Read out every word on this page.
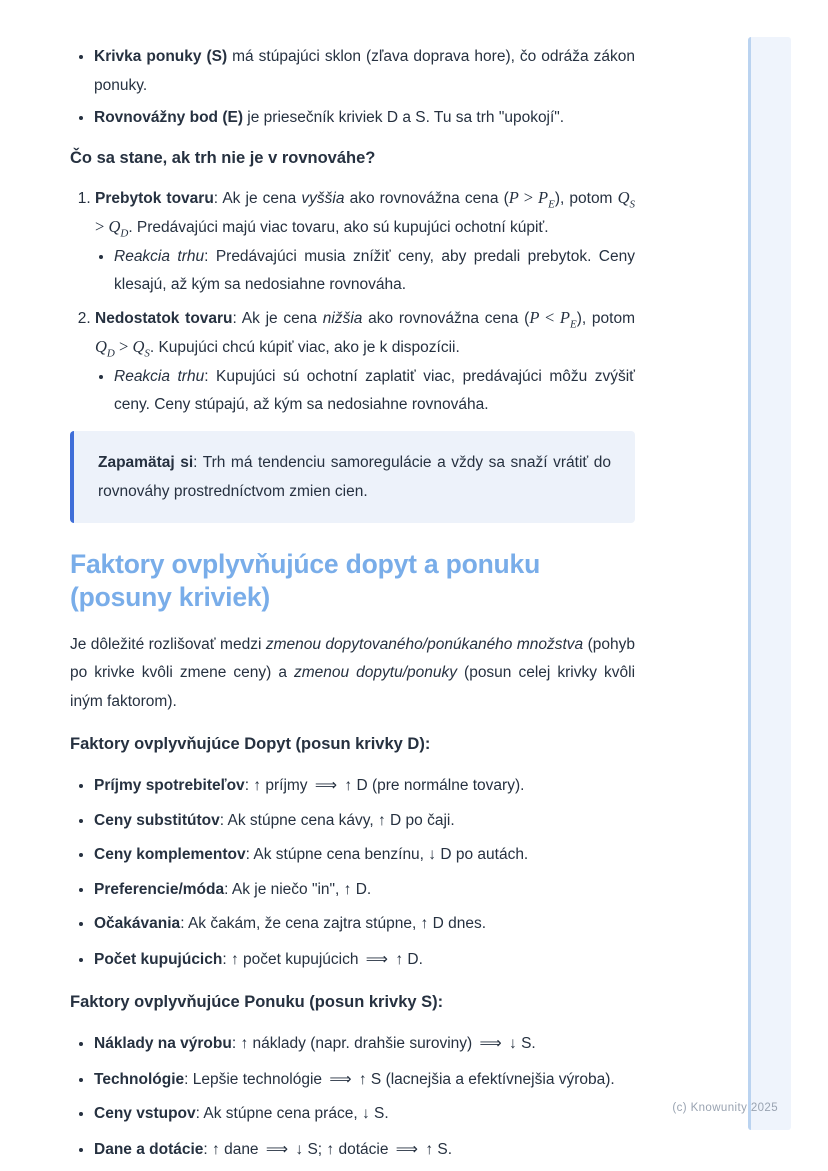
(c) Knowunity 2025
• Krivka ponuky (S) má stúpajúci sklon (zľava doprava hore), čo odráža zákon ponuky.
• Rovnovážny bod (E) je priesečník kriviek D a S. Tu sa trh "upokojí".
Čo sa stane, ak trh nie je v rovnováhe?
1. Prebytok tovaru: Ak je cena vyššia ako rovnovážna cena $(P > P_E)$, potom $Q_S > Q_D$. Predávajúci majú viac tovaru, ako sú kupujúci ochotní kúpiť.
• Reakcia trhu: Predávajúci musia znížiť ceny, aby predali prebytok. Ceny klesajú, až kým sa nedosiahne rovnováha.
2. Nedostatok tovaru: Ak je cena nižšia ako rovnovážna cena $(P < P_E)$, potom $Q_D > Q_S$. Kupujúci chcú kúpiť viac, ako je k dispozícii.
• Reakcia trhu: Kupujúci sú ochotní zaplatiť viac, predávajúci môžu zvýšiť ceny. Ceny stúpajú, až kým sa nedosiahne rovnováha.

Zapamätaj si: Trh má tendenciu samoregulácie a vždy sa snaží vrátiť do rovnováhy prostredníctvom zmien cien.

Faktory ovplyvňujúce dopyt a ponuku (posuny kriviek)

Je dôležité rozlišovať medzi zmenou dopytovaného/ponúkaného množstva (pohyb po krivke kvôli zmene ceny) a zmenou dopytu/ponuky (posun celej krivky kvôli iným faktorom).

Faktory ovplyvňujúce Dopyt (posun krivky D):
• Príjmy spotrebiteľov: ↑ príjmy ⟹ ↑ D (pre normálne tovary).
• Ceny substitútov: Ak stúpne cena kávy, ↑ D po čaji.
• Ceny komplementov: Ak stúpne cena benzínu, ↓ D po autách.
• Preferencie/móda: Ak je niečo "in", ↑ D.
• Očakávania: Ak čakám, že cena zajtra stúpne, ↑ D dnes.
• Počet kupujúcich: ↑ počet kupujúcich ⟹ ↑ D.
Faktory ovplyvňujúce Ponuku (posun krivky S):
• Náklady na výrobu: ↑ náklady (napr. drahšie suroviny) ⟹ ↓ S.
• Technológie: Lepšie technológie ⟹ ↑ S (lacnejšia a efektívnejšia výroba).
• Ceny vstupov: Ak stúpne cena práce, ↓ S.
• Dane a dotácie: ↑ dane ⟹ ↓ S; ↑ dotácie ⟹ ↑ S.
